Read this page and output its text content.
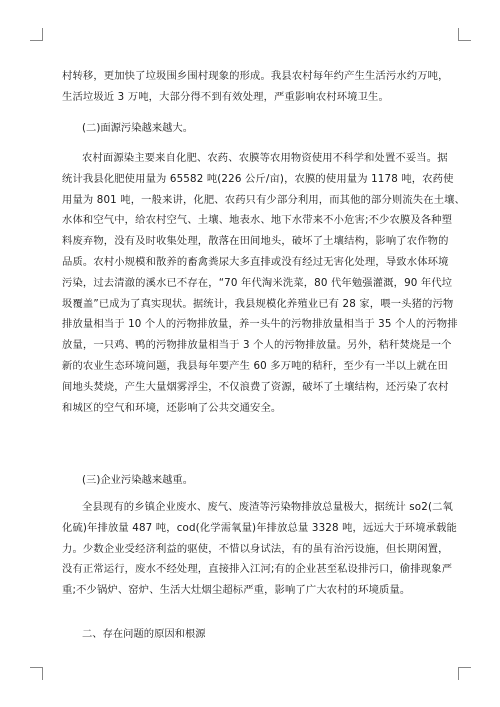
村转移，更加快了垃圾围乡围村现象的形成。我县农村每年约产生生活污水约万吨，
生活垃圾近 3 万吨，大部分得不到有效处理，严重影响农村环境卫生。
(二)面源污染越来越大。
农村面源染主要来自化肥、农药、农膜等农用物资使用不科学和处置不妥当。据
统计我县化肥使用量为 65582 吨(226 公斤/亩)，农膜的使用量为 1178 吨，农药使
用量为 801 吨，一般来讲，化肥、农药只有少部分利用，而其他的部分则流失在土壤、
水体和空气中，给农村空气、土壤、地表水、地下水带来不小危害;不少农膜及各种塑
料废弃物，没有及时收集处理，散落在田间地头，破坏了土壤结构，影响了农作物的
品质。农村小规模和散养的畜禽粪尿大多直排或没有经过无害化处理，导致水体环境
污染，过去清澈的溪水已不存在，“70 年代淘米洗菜，80 代年勉强灌溉，90 年代垃
圾覆盖”已成为了真实现状。据统计，我县规模化养殖业已有 28 家，喂一头猪的污物
排放量相当于 10 个人的污物排放量，养一头牛的污物排放量相当于 35 个人的污物排
放量，一只鸡、鸭的污物排放量相当于 3 个人的污物排放量。另外，秸秆焚烧是一个
新的农业生态环境问题，我县每年要产生 60 多万吨的秸秆，至少有一半以上就在田
间地头焚烧，产生大量烟雾浮尘，不仅浪费了资源，破坏了土壤结构，还污染了农村
和城区的空气和环境，还影响了公共交通安全。
(三)企业污染越来越重。
全县现有的乡镇企业废水、废气、废渣等污染物排放总量极大，据统计 so2(二氧
化硫)年排放量 487 吨，cod(化学需氧量)年排放总量 3328 吨，远远大于环境承载能
力。少数企业受经济利益的驱使，不惜以身试法，有的虽有治污设施，但长期闲置，
没有正常运行，废水不经处理，直接排入江河;有的企业甚至私设排污口，偷排现象严
重;不少锅炉、窑炉、生活大灶烟尘超标严重，影响了广大农村的环境质量。
二、存在问题的原因和根源
